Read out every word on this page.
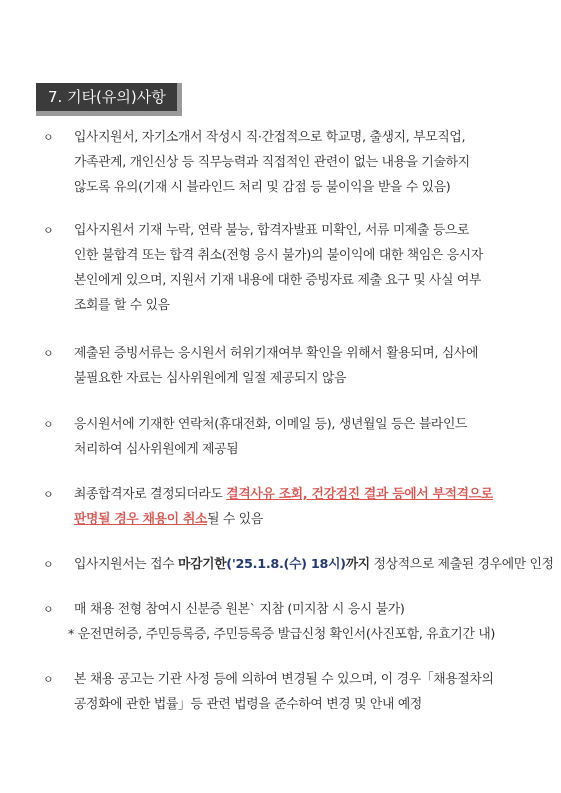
7. 기타(유의)사항
ㅇ	입사지원서, 자기소개서 작성시 직·간접적으로 학교명, 출생지, 부모직업,
가족관계, 개인신상 등 직무능력과 직접적인 관련이 없는 내용을 기술하지
않도록 유의(기재 시 블라인드 처리 및 감점 등 불이익을 받을 수 있음)
ㅇ	입사지원서 기재 누락, 연락 불능, 합격자발표 미확인, 서류 미제출 등으로
인한 불합격 또는 합격 취소(전형 응시 불가)의 불이익에 대한 책임은 응시자
본인에게 있으며, 지원서 기재 내용에 대한 증빙자료 제출 요구 및 사실 여부
조회를 할 수 있음
ㅇ	제출된 증빙서류는 응시원서 허위기재여부 확인을 위해서 활용되며, 심사에
불필요한 자료는 심사위원에게 일절 제공되지 않음
ㅇ	응시원서에 기재한 연락처(휴대전화, 이메일 등), 생년월일 등은 블라인드
처리하여 심사위원에게 제공됨
ㅇ	최종합격자로 결정되더라도 결격사유 조회, 건강검진 결과 등에서 부적격으로
판명될 경우 채용이 취소될 수 있음
ㅇ	입사지원서는 접수 마감기한('25.1.8.(수) 18시)까지 정상적으로 제출된 경우에만 인정
ㅇ	매 채용 전형 참여시 신분증 원본` 지참 (미지참 시 응시 불가)
* 운전면허증, 주민등록증, 주민등록증 발급신청 확인서(사진포함, 유효기간 내)
ㅇ	본 채용 공고는 기관 사정 등에 의하여 변경될 수 있으며, 이 경우「채용절차의
공정화에 관한 법률」등 관련 법령을 준수하여 변경 및 안내 예정
